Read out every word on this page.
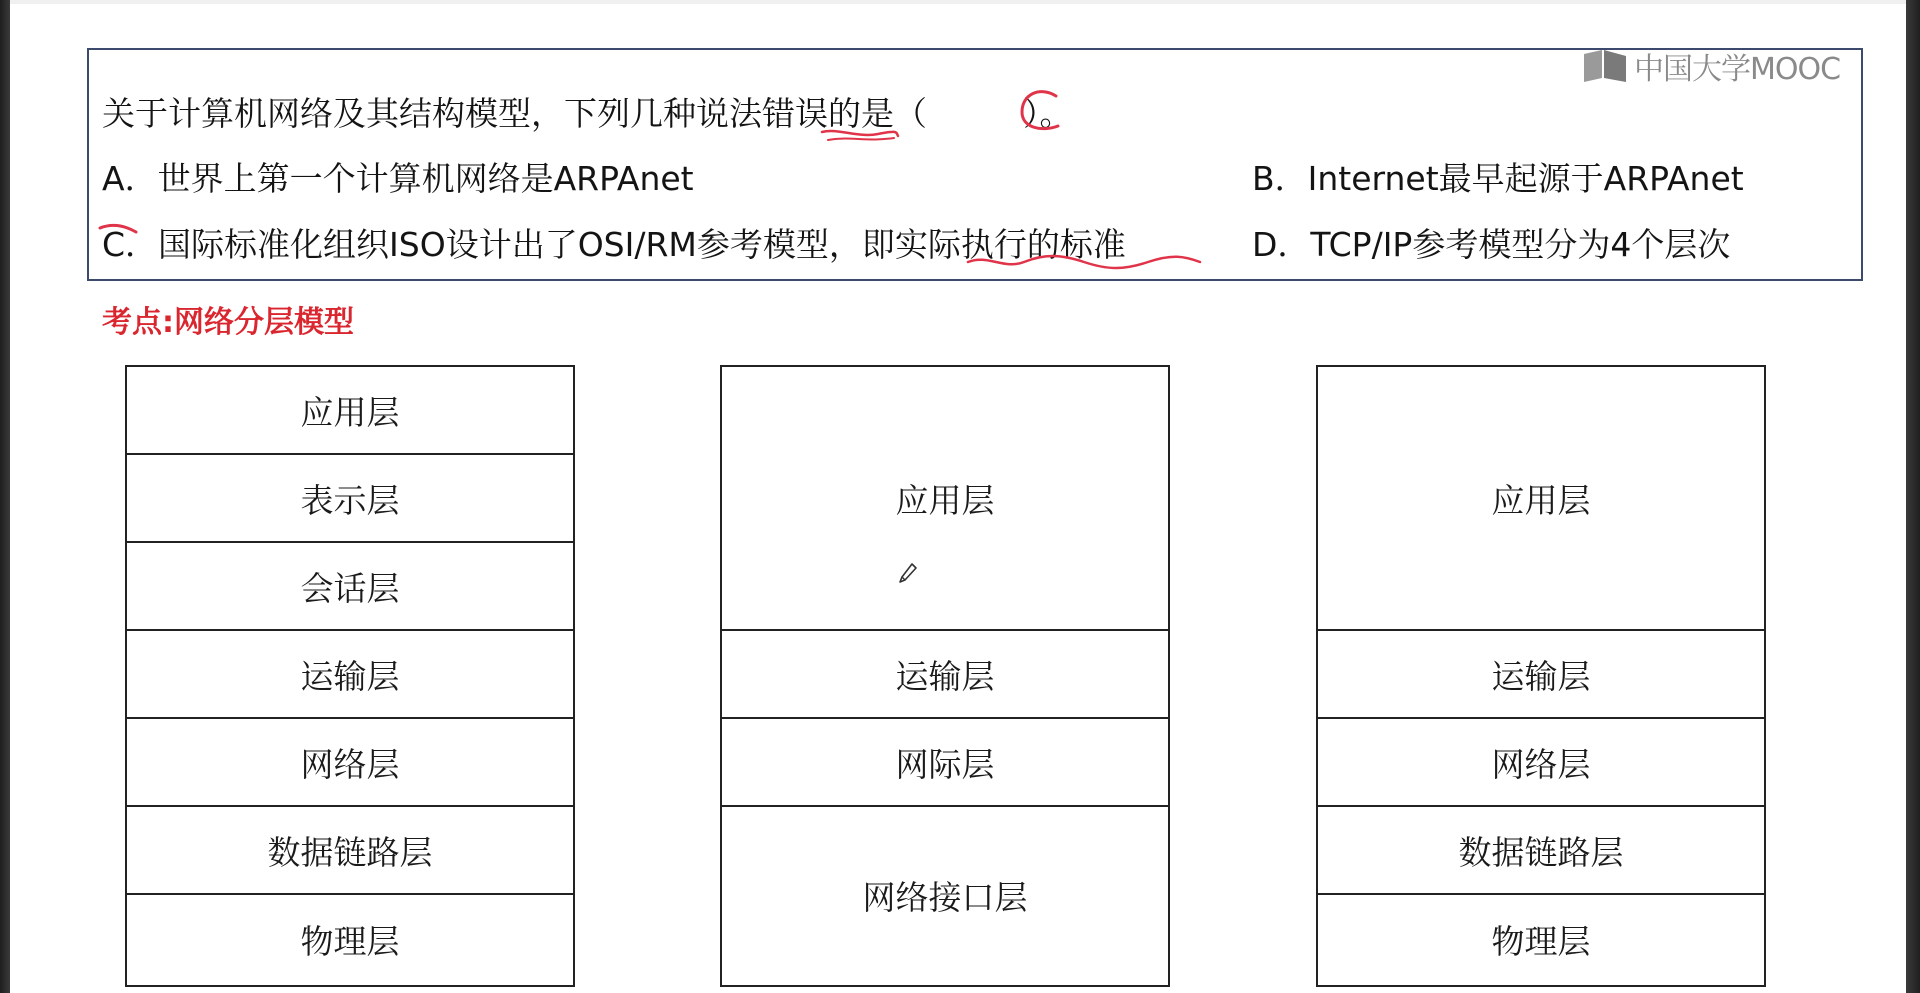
中国大学MOOC
关于计算机网络及其结构模型，下列几种说法错误的是（	）。
A．世界上第一个计算机网络是ARPAnet	B．Internet最早起源于ARPAnet
C．国际标准化组织ISO设计出了OSI/RM参考模型，即实际执行的标准	D．TCP/IP参考模型分为4个层次
考点:网络分层模型
应用层
表示层
会话层
运输层
网络层
数据链路层
物理层
应用层
运输层
网际层
网络接口层
应用层
运输层
网络层
数据链路层
物理层
